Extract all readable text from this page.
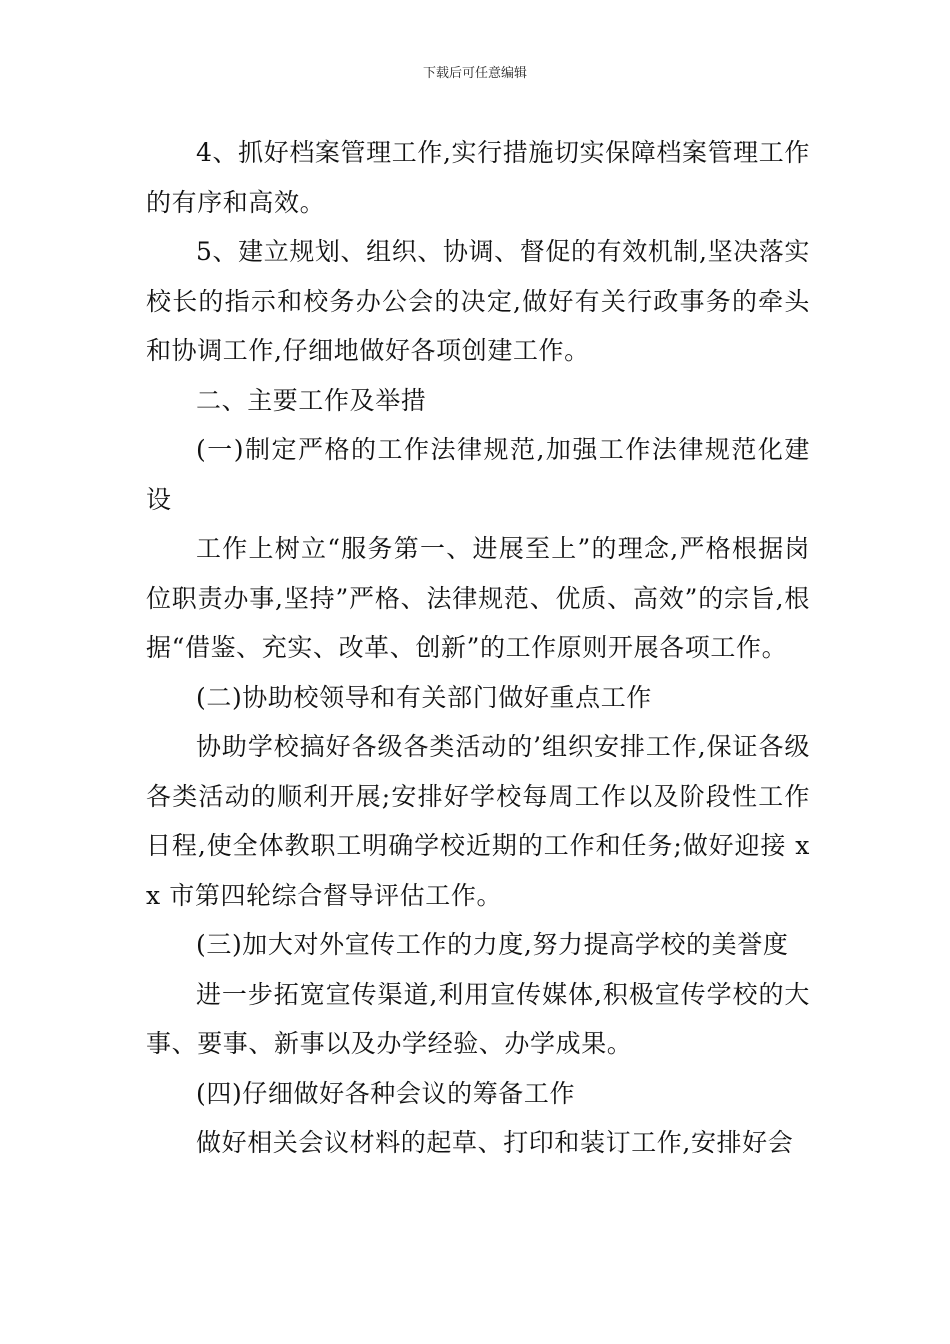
下载后可任意编辑

4、抓好档案管理工作,实行措施切实保障档案管理工作的有序和高效。

5、建立规划、组织、协调、督促的有效机制,坚决落实校长的指示和校务办公会的决定,做好有关行政事务的牵头和协调工作,仔细地做好各项创建工作。

二、主要工作及举措

(一)制定严格的工作法律规范,加强工作法律规范化建设

工作上树立“服务第一、进展至上”的理念,严格根据岗位职责办事,坚持”严格、法律规范、优质、高效”的宗旨,根据“借鉴、充实、改革、创新”的工作原则开展各项工作。

(二)协助校领导和有关部门做好重点工作

协助学校搞好各级各类活动的’组织安排工作,保证各级各类活动的顺利开展;安排好学校每周工作以及阶段性工作日程,使全体教职工明确学校近期的工作和任务;做好迎接 xx 市第四轮综合督导评估工作。

(三)加大对外宣传工作的力度,努力提高学校的美誉度

进一步拓宽宣传渠道,利用宣传媒体,积极宣传学校的大事、要事、新事以及办学经验、办学成果。

(四)仔细做好各种会议的筹备工作

做好相关会议材料的起草、打印和装订工作,安排好会
